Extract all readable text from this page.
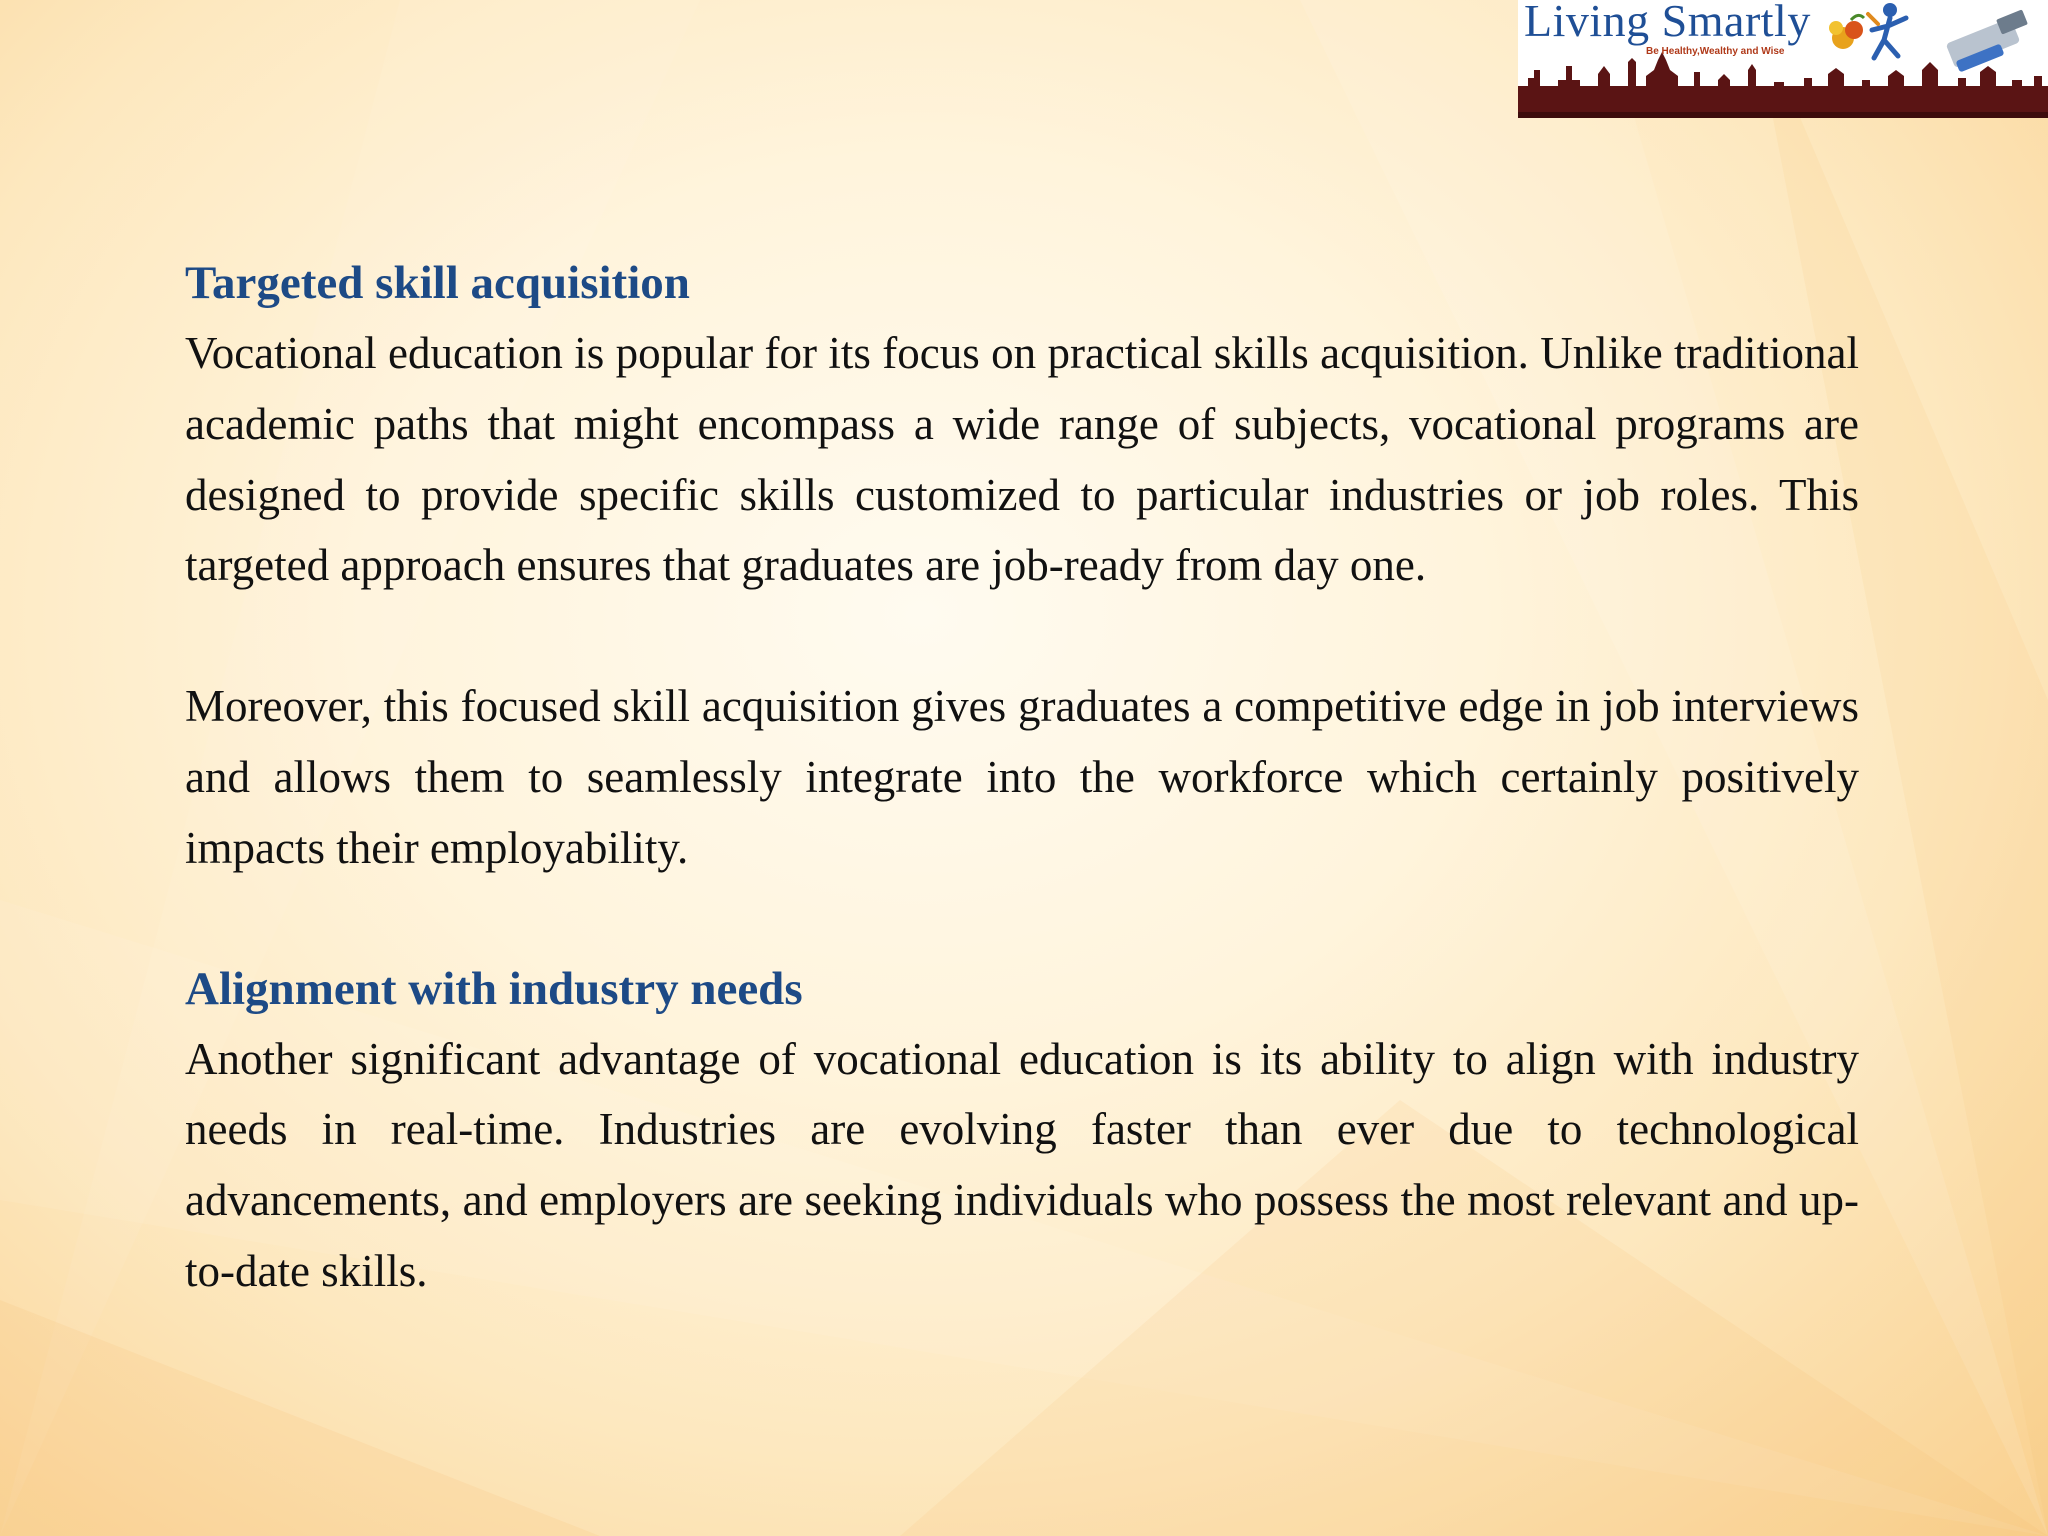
Living Smartly
Be Healthy,Wealthy and Wise
Targeted skill acquisition

Vocational education is popular for its focus on practical skills acquisition. Unlike traditional academic paths that might encompass a wide range of subjects, vocational programs are designed to provide specific skills customized to particular industries or job roles. This targeted approach ensures that graduates are job-ready from day one.

Moreover, this focused skill acquisition gives graduates a competitive edge in job interviews and allows them to seamlessly integrate into the workforce which certainly positively impacts their employability.

Alignment with industry needs

Another significant advantage of vocational education is its ability to align with industry needs in real-time. Industries are evolving faster than ever due to technological advancements, and employers are seeking individuals who possess the most relevant and up-to-date skills.
